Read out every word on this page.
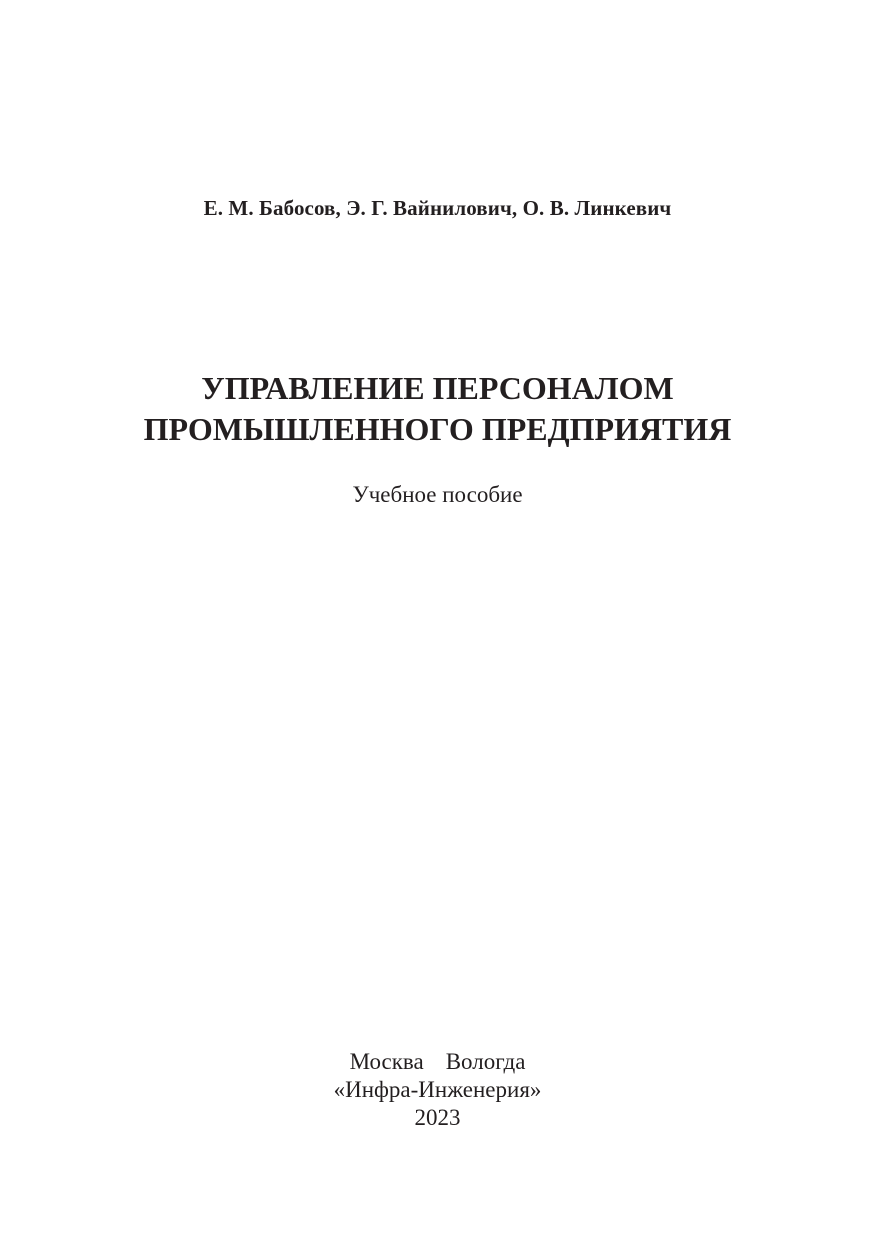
Е. М. Бабосов, Э. Г. Вайнилович, О. В. Линкевич
УПРАВЛЕНИЕ ПЕРСОНАЛОМ
ПРОМЫШЛЕННОГО ПРЕДПРИЯТИЯ
Учебное пособие
Москва Вологда
«Инфра-Инженерия»
2023
